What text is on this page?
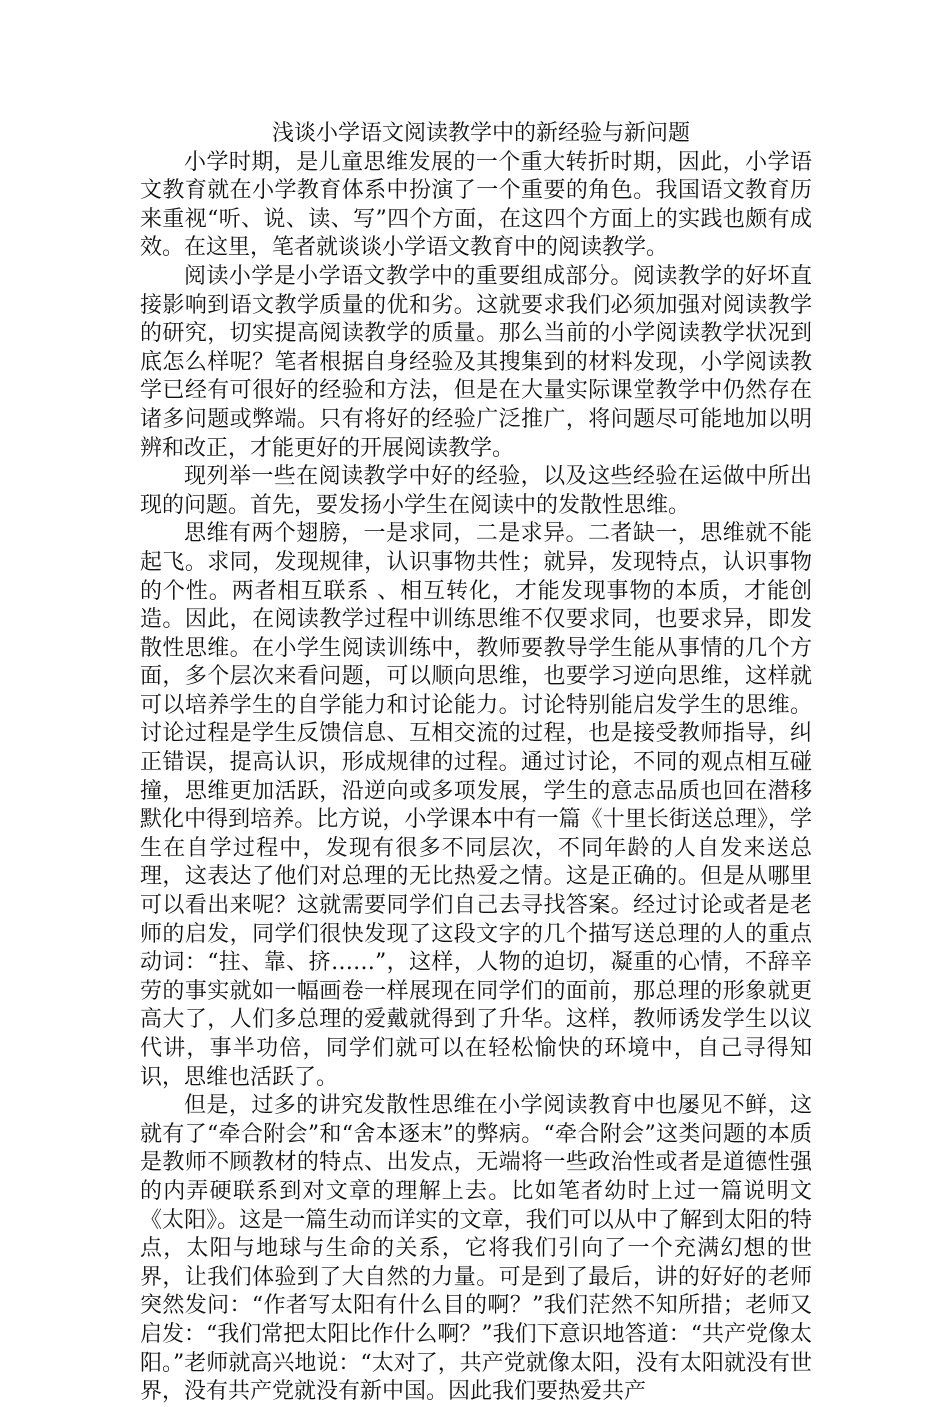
浅谈小学语文阅读教学中的新经验与新问题

小学时期，是儿童思维发展的一个重大转折时期，因此，小学语文教育就在小学教育体系中扮演了一个重要的角色。我国语文教育历来重视“听、说、读、写”四个方面，在这四个方面上的实践也颇有成效。在这里，笔者就谈谈小学语文教育中的阅读教学。

阅读小学是小学语文教学中的重要组成部分。阅读教学的好坏直接影响到语文教学质量的优和劣。这就要求我们必须加强对阅读教学的研究，切实提高阅读教学的质量。那么当前的小学阅读教学状况到底怎么样呢？笔者根据自身经验及其搜集到的材料发现，小学阅读教学已经有可很好的经验和方法，但是在大量实际课堂教学中仍然存在诸多问题或弊端。只有将好的经验广泛推广，将问题尽可能地加以明辨和改正，才能更好的开展阅读教学。

现列举一些在阅读教学中好的经验，以及这些经验在运做中所出现的问题。首先，要发扬小学生在阅读中的发散性思维。

思维有两个翅膀，一是求同，二是求异。二者缺一，思维就不能起飞。求同，发现规律，认识事物共性；就异，发现特点，认识事物的个性。两者相互联系 、相互转化，才能发现事物的本质，才能创造。因此，在阅读教学过程中训练思维不仅要求同，也要求异，即发散性思维。在小学生阅读训练中，教师要教导学生能从事情的几个方面，多个层次来看问题，可以顺向思维，也要学习逆向思维，这样就可以培养学生的自学能力和讨论能力。讨论特别能启发学生的思维。讨论过程是学生反馈信息、互相交流的过程，也是接受教师指导，纠正错误，提高认识，形成规律的过程。通过讨论，不同的观点相互碰撞，思维更加活跃，沿逆向或多项发展，学生的意志品质也回在潜移默化中得到培养。比方说，小学课本中有一篇《十里长街送总理》，学生在自学过程中，发现有很多不同层次，不同年龄的人自发来送总理，这表达了他们对总理的无比热爱之情。这是正确的。但是从哪里可以看出来呢？这就需要同学们自己去寻找答案。经过讨论或者是老师的启发，同学们很快发现了这段文字的几个描写送总理的人的重点动词：“拄、靠、挤……”，这样，人物的迫切，凝重的心情，不辞辛劳的事实就如一幅画卷一样展现在同学们的面前，那总理的形象就更高大了，人们多总理的爱戴就得到了升华。这样，教师诱发学生以议代讲，事半功倍，同学们就可以在轻松愉快的环境中，自己寻得知识，思维也活跃了。

但是，过多的讲究发散性思维在小学阅读教育中也屡见不鲜，这就有了“牵合附会”和“舍本逐末”的弊病。“牵合附会”这类问题的本质是教师不顾教材的特点、出发点，无端将一些政治性或者是道德性强的内弄硬联系到对文章的理解上去。比如笔者幼时上过一篇说明文《太阳》。这是一篇生动而详实的文章，我们可以从中了解到太阳的特点，太阳与地球与生命的关系，它将我们引向了一个充满幻想的世界，让我们体验到了大自然的力量。可是到了最后，讲的好好的老师突然发问：“作者写太阳有什么目的啊？”我们茫然不知所措；老师又启发：“我们常把太阳比作什么啊？”我们下意识地答道：“共产党像太阳。”老师就高兴地说：“太对了，共产党就像太阳，没有太阳就没有世界，没有共产党就没有新中国。因此我们要热爱共产
